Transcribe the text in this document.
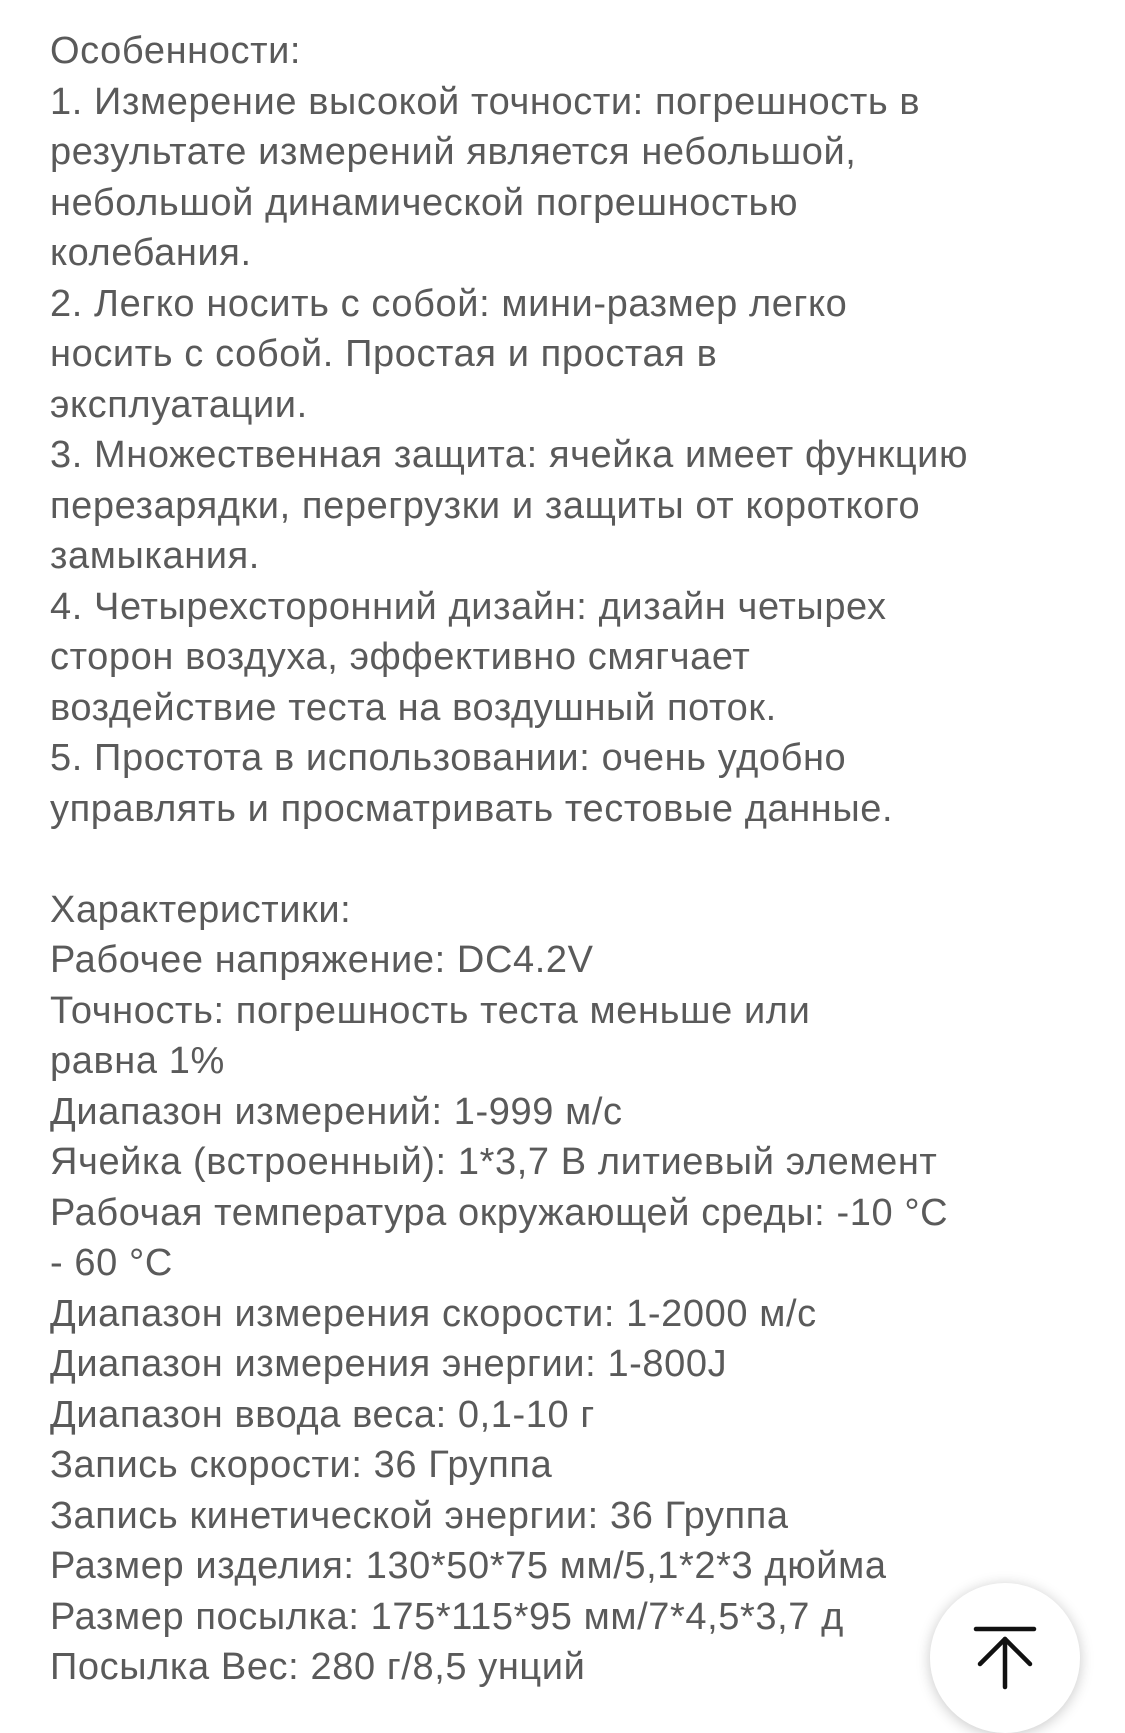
Особенности:
1. Измерение высокой точности: погрешность в
результате измерений является небольшой,
небольшой динамической погрешностью
колебания.
2. Легко носить с собой: мини-размер легко
носить с собой. Простая и простая в
эксплуатации.
3. Множественная защита: ячейка имеет функцию
перезарядки, перегрузки и защиты от короткого
замыкания.
4. Четырехсторонний дизайн: дизайн четырех
сторон воздуха, эффективно смягчает
воздействие теста на воздушный поток.
5. Простота в использовании: очень удобно
управлять и просматривать тестовые данные.
Характеристики:
Рабочее напряжение: DC4.2V
Точность: погрешность теста меньше или
равна 1%
Диапазон измерений: 1-999 м/с
Ячейка (встроенный): 1*3,7 В литиевый элемент
Рабочая температура окружающей среды: -10 °C
- 60 °C
Диапазон измерения скорости: 1-2000 м/с
Диапазон измерения энергии: 1-800J
Диапазон ввода веса: 0,1-10 г
Запись скорости: 36 Группа
Запись кинетической энергии: 36 Группа
Размер изделия: 130*50*75 мм/5,1*2*3 дюйма
Размер посылка: 175*115*95 мм/7*4,5*3,7 д
Посылка Вес: 280 г/8,5 унций
